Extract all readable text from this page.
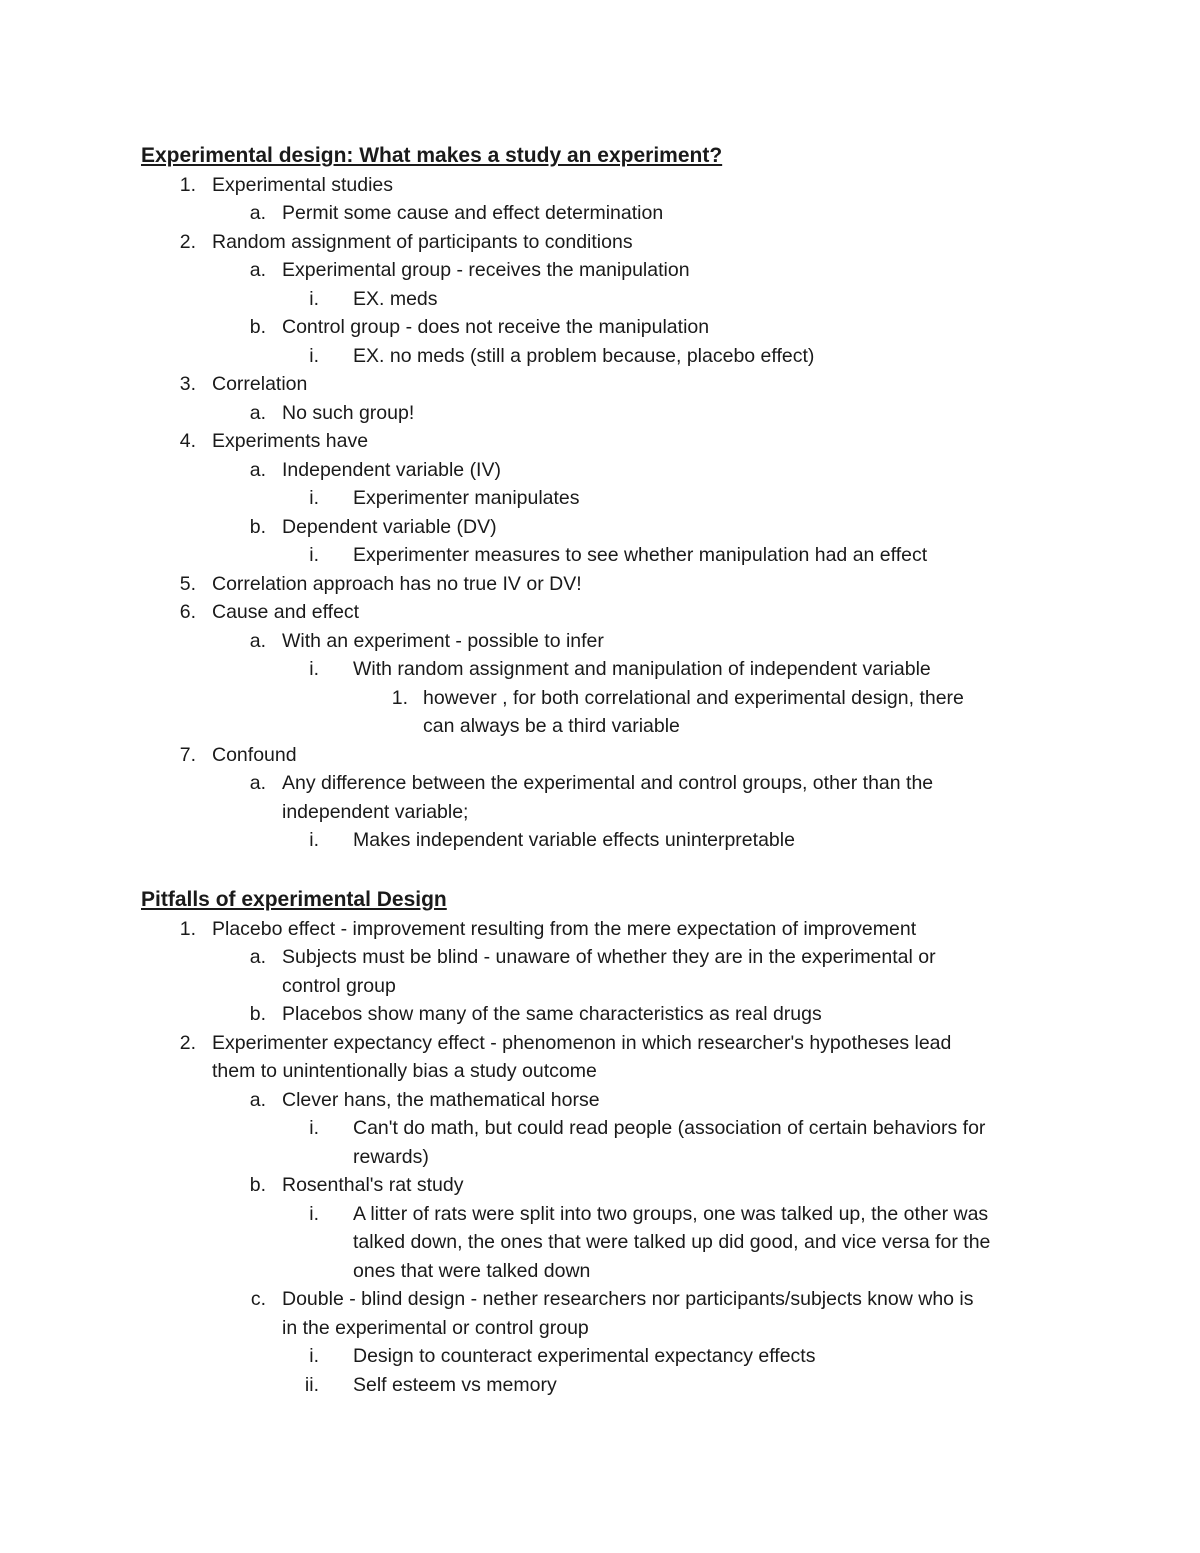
Experimental design: What makes a study an experiment?
1. Experimental studies
a. Permit some cause and effect determination
2. Random assignment of participants to conditions
a. Experimental group - receives the manipulation
i. EX. meds
b. Control group - does not receive the manipulation
i. EX. no meds (still a problem because, placebo effect)
3. Correlation
a. No such group!
4. Experiments have
a. Independent variable (IV)
i. Experimenter manipulates
b. Dependent variable (DV)
i. Experimenter measures to see whether manipulation had an effect
5. Correlation approach has no true IV or DV!
6. Cause and effect
a. With an experiment - possible to infer
i. With random assignment and manipulation of independent variable
1. however , for both correlational and experimental design, there
can always be a third variable
7. Confound
a. Any difference between the experimental and control groups, other than the
independent variable;
i. Makes independent variable effects uninterpretable
Pitfalls of experimental Design
1. Placebo effect - improvement resulting from the mere expectation of improvement
a. Subjects must be blind - unaware of whether they are in the experimental or
control group
b. Placebos show many of the same characteristics as real drugs
2. Experimenter expectancy effect - phenomenon in which researcher's hypotheses lead
them to unintentionally bias a study outcome
a. Clever hans, the mathematical horse
i. Can't do math, but could read people (association of certain behaviors for
rewards)
b. Rosenthal's rat study
i. A litter of rats were split into two groups, one was talked up, the other was
talked down, the ones that were talked up did good, and vice versa for the
ones that were talked down
c. Double - blind design - nether researchers nor participants/subjects know who is
in the experimental or control group
i. Design to counteract experimental expectancy effects
ii. Self esteem vs memory
